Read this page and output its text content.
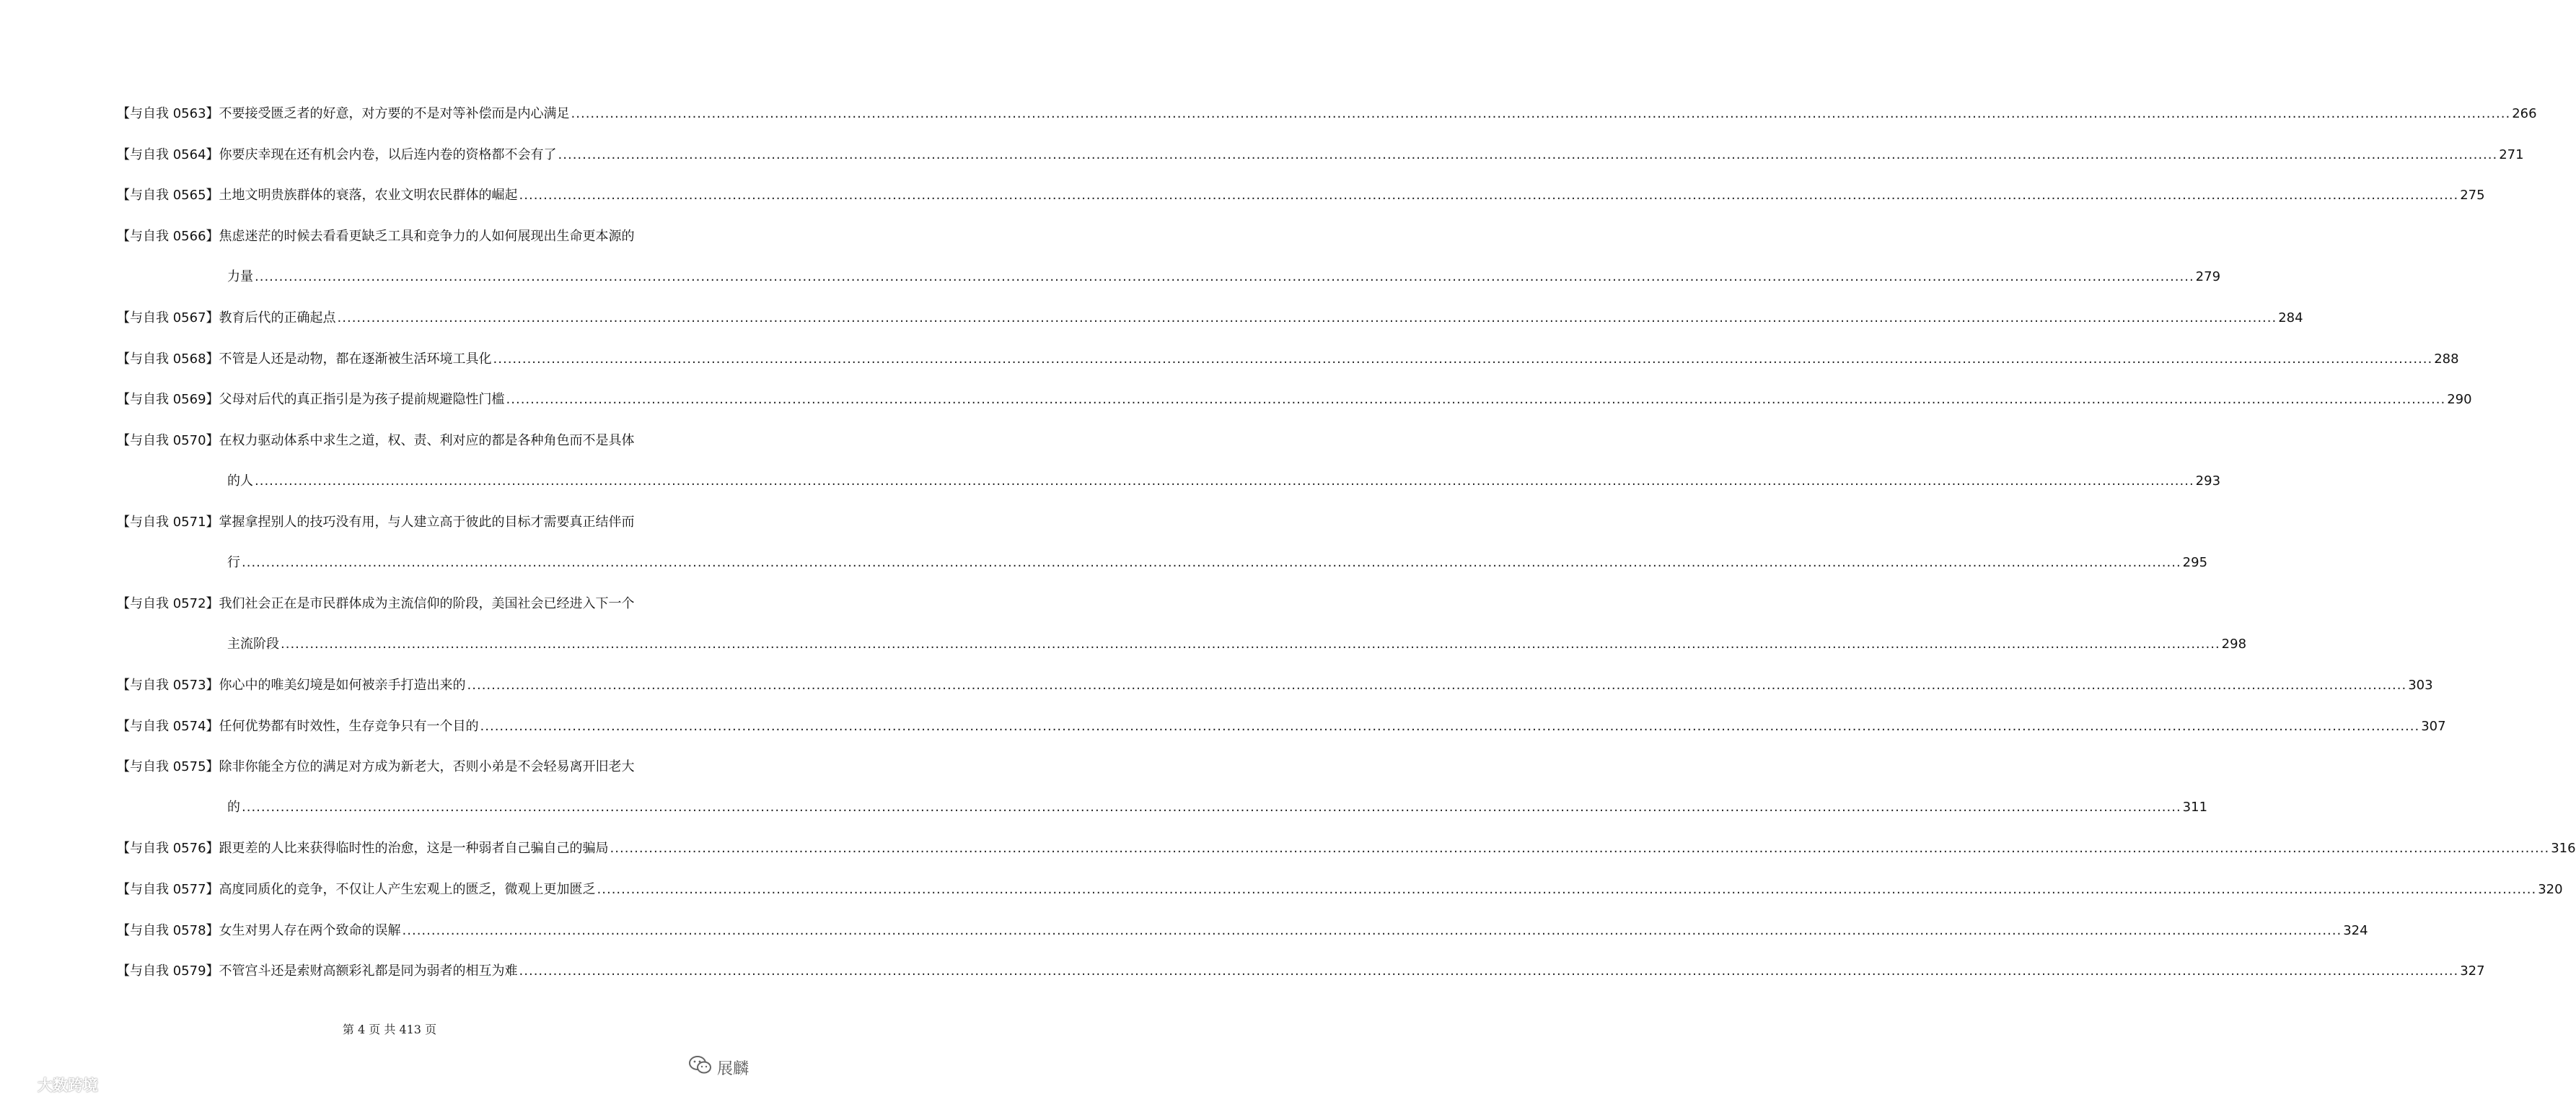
【与自我 0563】不要接受匮乏者的好意，对方要的不是对等补偿而是内心满足 ................................................................................................................................................................................................................................................................................................................................................................................................................ 266
【与自我 0564】你要庆幸现在还有机会内卷，以后连内卷的资格都不会有了 ................................................................................................................................................................................................................................................................................................................................................................................................................ 271
【与自我 0565】土地文明贵族群体的衰落，农业文明农民群体的崛起 ................................................................................................................................................................................................................................................................................................................................................................................................................ 275
【与自我 0566】焦虑迷茫的时候去看看更缺乏工具和竞争力的人如何展现出生命更本源的
力量 ................................................................................................................................................................................................................................................................................................................................................................................................................ 279
【与自我 0567】教育后代的正确起点 ................................................................................................................................................................................................................................................................................................................................................................................................................ 284
【与自我 0568】不管是人还是动物，都在逐渐被生活环境工具化 ................................................................................................................................................................................................................................................................................................................................................................................................................ 288
【与自我 0569】父母对后代的真正指引是为孩子提前规避隐性门槛 ................................................................................................................................................................................................................................................................................................................................................................................................................ 290
【与自我 0570】在权力驱动体系中求生之道，权、责、利对应的都是各种角色而不是具体
的人 ................................................................................................................................................................................................................................................................................................................................................................................................................ 293
【与自我 0571】掌握拿捏别人的技巧没有用，与人建立高于彼此的目标才需要真正结伴而
行 ................................................................................................................................................................................................................................................................................................................................................................................................................ 295
【与自我 0572】我们社会正在是市民群体成为主流信仰的阶段，美国社会已经进入下一个
主流阶段 ................................................................................................................................................................................................................................................................................................................................................................................................................ 298
【与自我 0573】你心中的唯美幻境是如何被亲手打造出来的 ................................................................................................................................................................................................................................................................................................................................................................................................................ 303
【与自我 0574】任何优势都有时效性，生存竞争只有一个目的 ................................................................................................................................................................................................................................................................................................................................................................................................................ 307
【与自我 0575】除非你能全方位的满足对方成为新老大，否则小弟是不会轻易离开旧老大
的 ................................................................................................................................................................................................................................................................................................................................................................................................................ 311
【与自我 0576】跟更差的人比来获得临时性的治愈，这是一种弱者自己骗自己的骗局 ................................................................................................................................................................................................................................................................................................................................................................................................................ 316
【与自我 0577】高度同质化的竞争，不仅让人产生宏观上的匮乏，微观上更加匮乏 ................................................................................................................................................................................................................................................................................................................................................................................................................ 320
【与自我 0578】女生对男人存在两个致命的误解 ................................................................................................................................................................................................................................................................................................................................................................................................................ 324
【与自我 0579】不管宫斗还是索财高额彩礼都是同为弱者的相互为难 ................................................................................................................................................................................................................................................................................................................................................................................................................ 327
第 4 页 共 413 页
大数跨境
展麟
